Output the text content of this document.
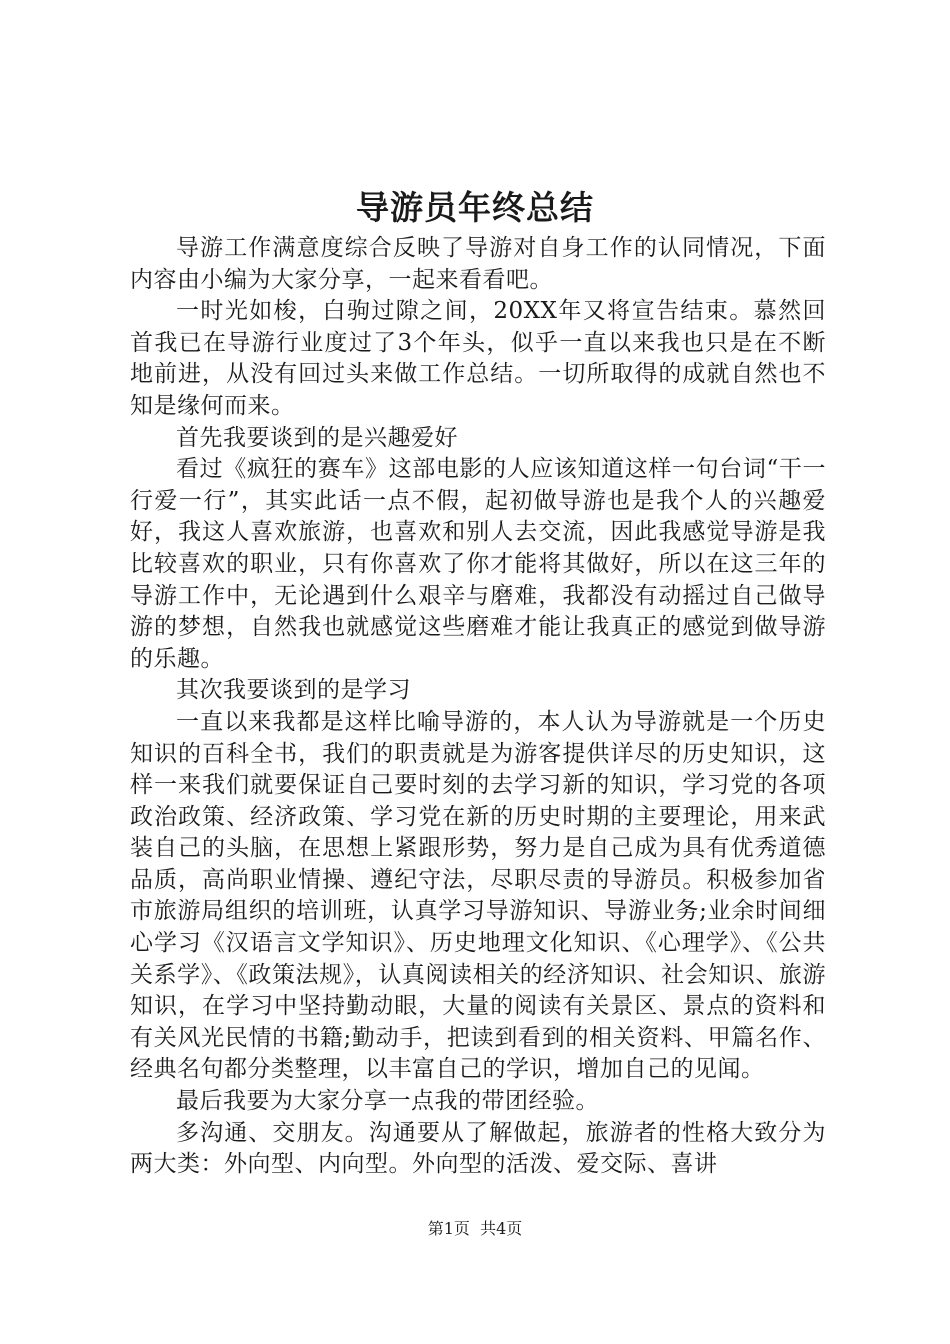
导游员年终总结

导游工作满意度综合反映了导游对自身工作的认同情况，下面内容由小编为大家分享，一起来看看吧。

一时光如梭，白驹过隙之间，20XX年又将宣告结束。慕然回首我已在导游行业度过了3个年头，似乎一直以来我也只是在不断地前进，从没有回过头来做工作总结。一切所取得的成就自然也不知是缘何而来。

首先我要谈到的是兴趣爱好

看过《疯狂的赛车》这部电影的人应该知道这样一句台词“干一行爱一行”，其实此话一点不假，起初做导游也是我个人的兴趣爱好，我这人喜欢旅游，也喜欢和别人去交流，因此我感觉导游是我比较喜欢的职业，只有你喜欢了你才能将其做好，所以在这三年的导游工作中，无论遇到什么艰辛与磨难，我都没有动摇过自己做导游的梦想，自然我也就感觉这些磨难才能让我真正的感觉到做导游的乐趣。

其次我要谈到的是学习

一直以来我都是这样比喻导游的，本人认为导游就是一个历史知识的百科全书，我们的职责就是为游客提供详尽的历史知识，这样一来我们就要保证自己要时刻的去学习新的知识，学习党的各项政治政策、经济政策、学习党在新的历史时期的主要理论，用来武装自己的头脑，在思想上紧跟形势，努力是自己成为具有优秀道德品质，高尚职业情操、遵纪守法，尽职尽责的导游员。积极参加省市旅游局组织的培训班，认真学习导游知识、导游业务;业余时间细心学习《汉语言文学知识》、历史地理文化知识、《心理学》、《公共关系学》、《政策法规》，认真阅读相关的经济知识、社会知识、旅游知识，在学习中坚持勤动眼，大量的阅读有关景区、景点的资料和有关风光民情的书籍;勤动手，把读到看到的相关资料、甲篇名作、经典名句都分类整理，以丰富自己的学识，增加自己的见闻。

最后我要为大家分享一点我的带团经验。

多沟通、交朋友。沟通要从了解做起，旅游者的性格大致分为两大类：外向型、内向型。外向型的活泼、爱交际、喜讲

第1页 共4页
